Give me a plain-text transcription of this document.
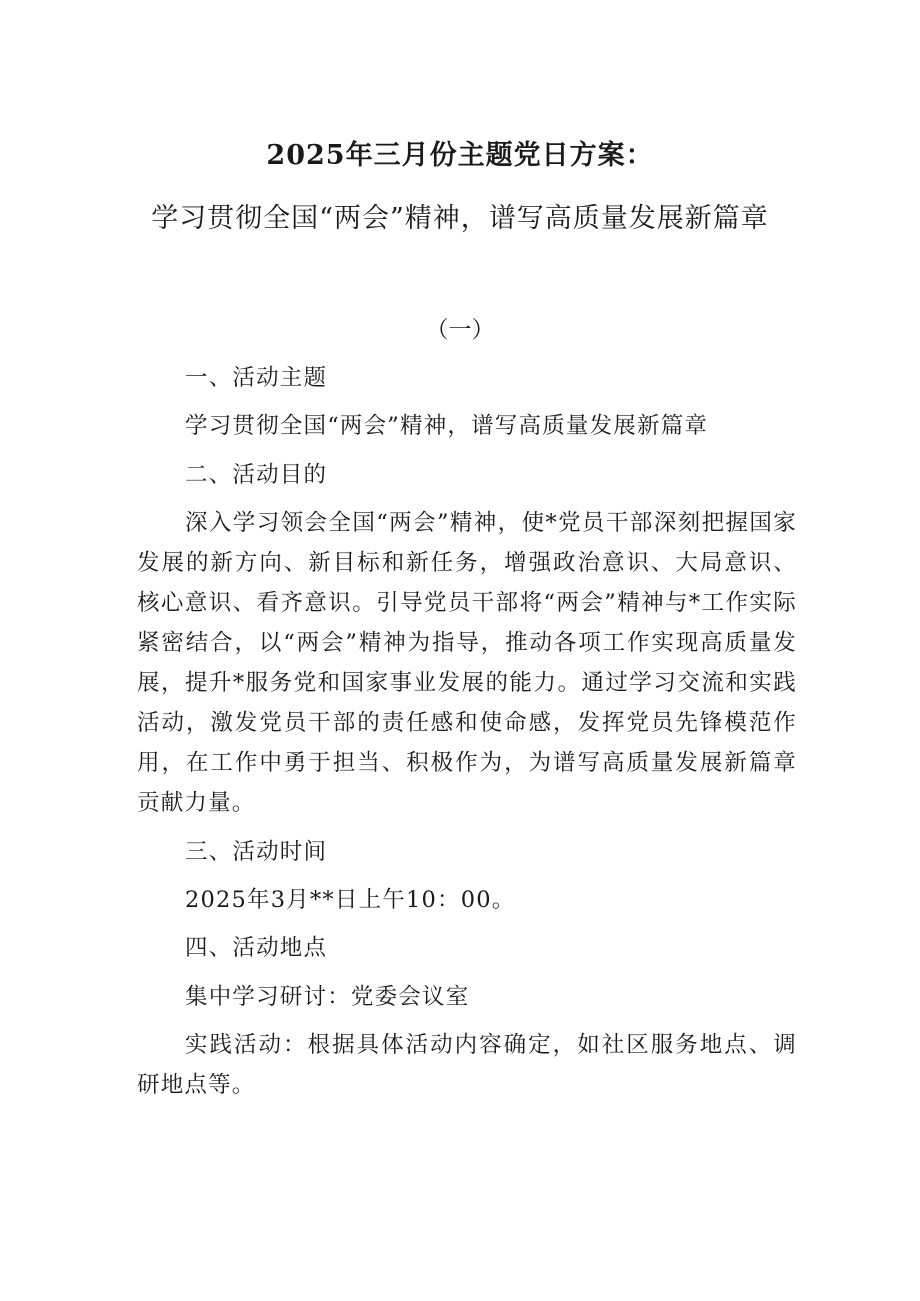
2025年三月份主题党日方案：
学习贯彻全国“两会”精神，谱写高质量发展新篇章
（一）

一、活动主题

学习贯彻全国“两会”精神，谱写高质量发展新篇章

二、活动目的

深入学习领会全国“两会”精神，使*党员干部深刻把握国家发展的新方向、新目标和新任务，增强政治意识、大局意识、核心意识、看齐意识。引导党员干部将“两会”精神与*工作实际紧密结合，以“两会”精神为指导，推动各项工作实现高质量发展，提升*服务党和国家事业发展的能力。通过学习交流和实践活动，激发党员干部的责任感和使命感，发挥党员先锋模范作用，在工作中勇于担当、积极作为，为谱写高质量发展新篇章贡献力量。

三、活动时间

2025年3月**日上午10：00。

四、活动地点

集中学习研讨：党委会议室

实践活动：根据具体活动内容确定，如社区服务地点、调研地点等。
